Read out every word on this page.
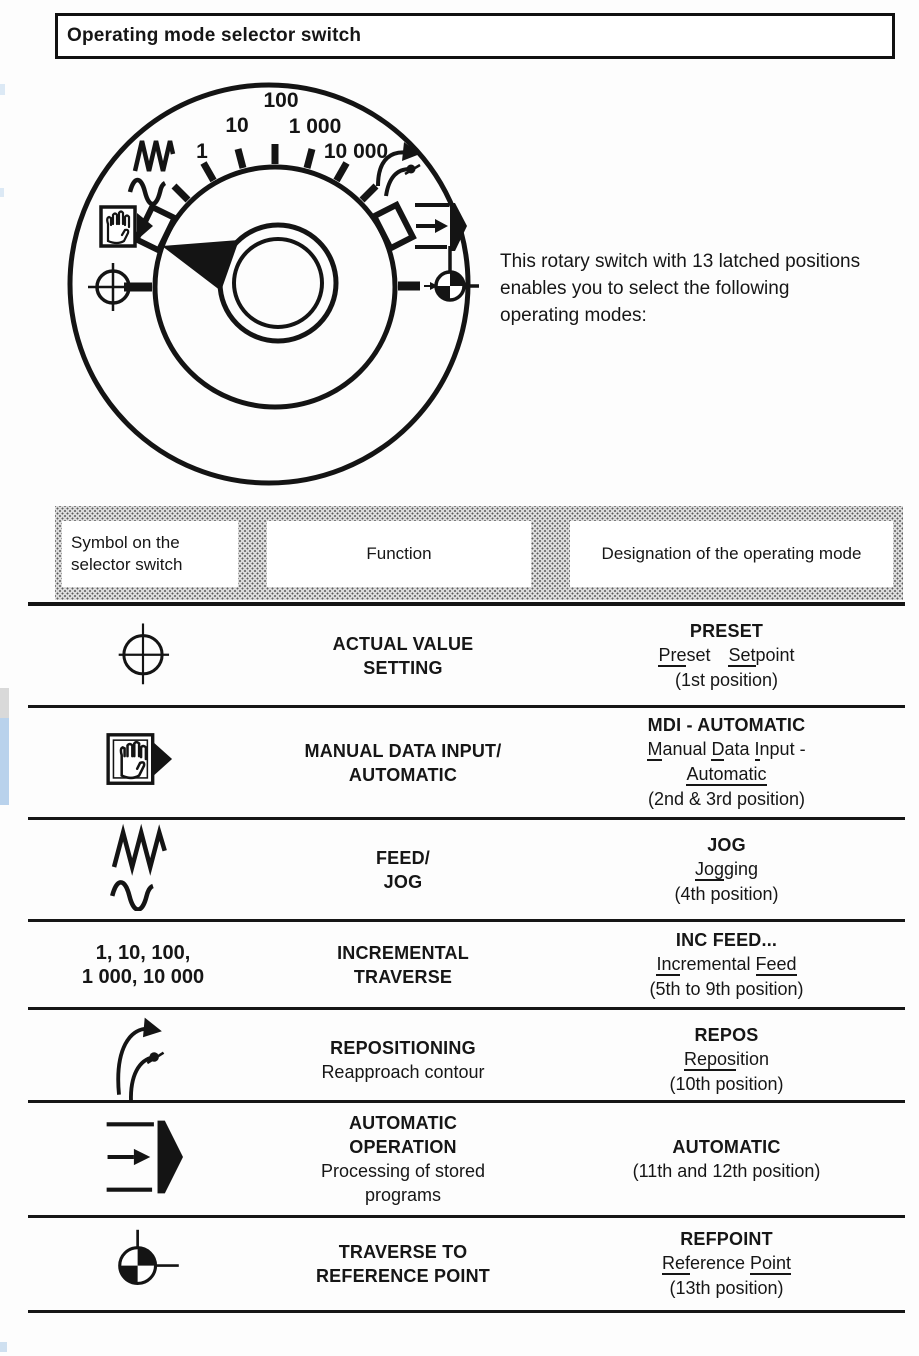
Operating mode selector switch
1
10
100
1 000
10 000
This rotary switch with 13 latched positions enables you to select the following operating modes:
Symbol on the selector switch
Function	Designation of the operating mode
ACTUAL VALUE
SETTING
PRESET
Preset   Setpoint
(1st position)
MANUAL DATA INPUT/
AUTOMATIC
MDI - AUTOMATIC
Manual Data Input -
Automatic
(2nd & 3rd position)
FEED/
JOG
JOG
Jogging
(4th position)
1, 10, 100,
1 000, 10 000
INCREMENTAL
TRAVERSE
INC FEED...
Incremental Feed
(5th to 9th position)
REPOSITIONING
Reapproach contour
REPOS
Reposition
(10th position)
AUTOMATIC
OPERATION
Processing of stored
programs
AUTOMATIC
(11th and 12th position)
TRAVERSE TO
REFERENCE POINT
REFPOINT
Reference Point
(13th position)
